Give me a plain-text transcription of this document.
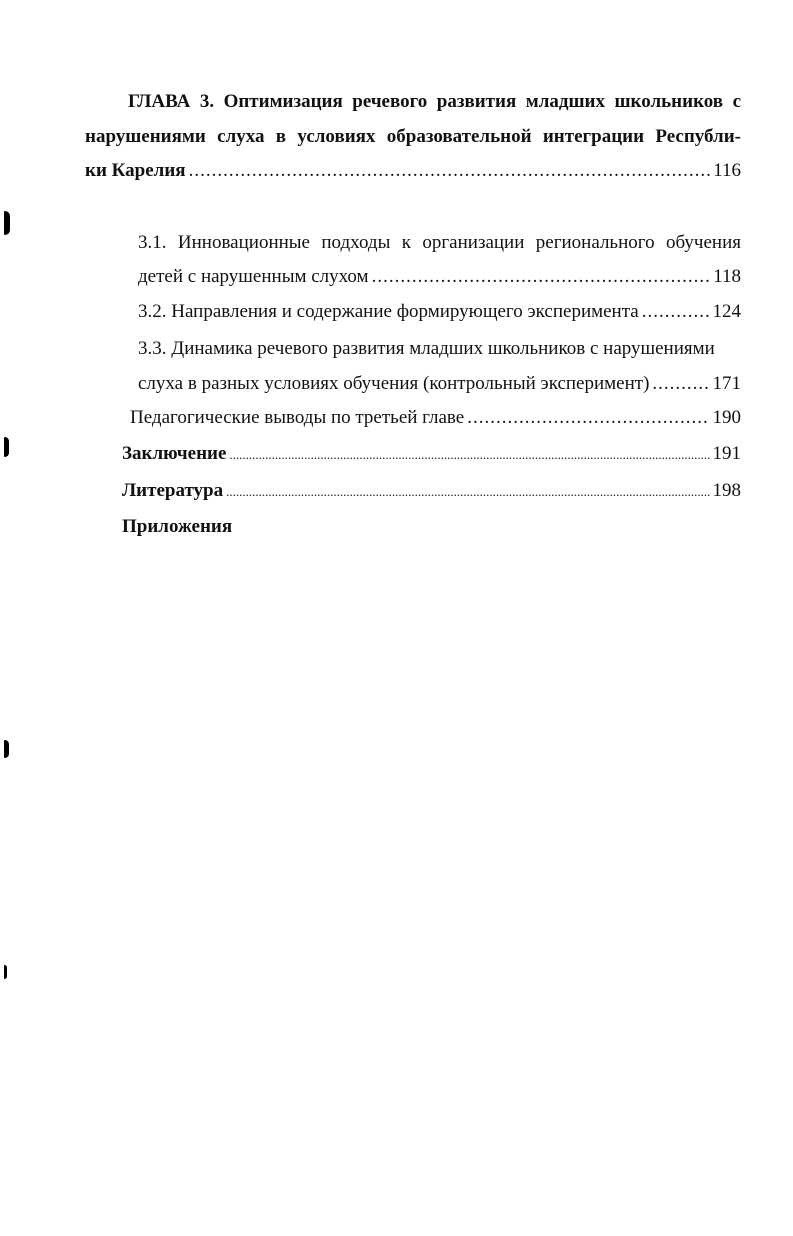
ГЛАВА 3. Оптимизация речевого развития младших школьников с
нарушениями слуха в условиях образовательной интеграции Республи-
ки Карелия .....	116
3.1. Инновационные подходы к организации регионального обучения
детей с нарушенным слухом .....	118
3.2. Направления и содержание формирующего эксперимента .....	124
3.3. Динамика речевого развития младших школьников с нарушениями
слуха в разных условиях обучения (контрольный эксперимент) .....	171
Педагогические выводы по третьей главе .....	190
Заключение .....	191
Литература .....	198
Приложения
